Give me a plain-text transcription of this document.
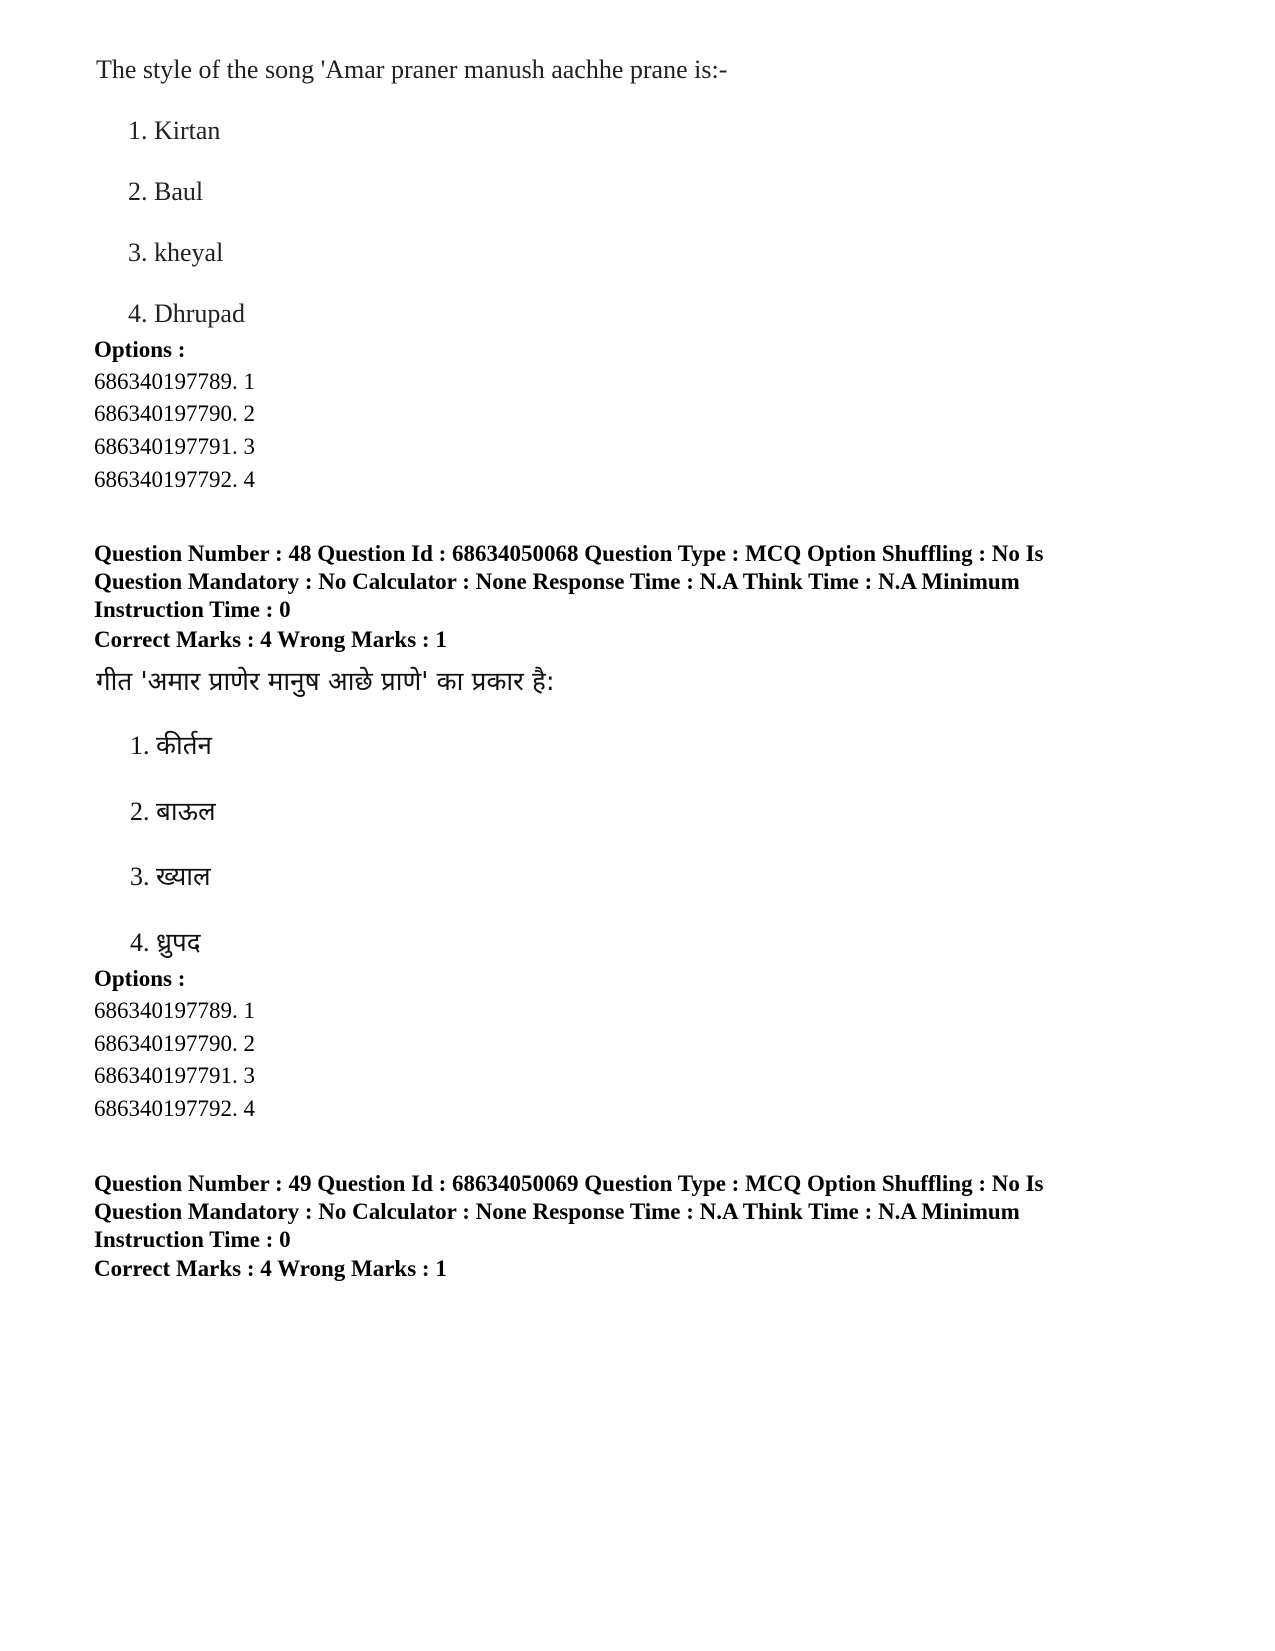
The style of the song 'Amar praner manush aachhe prane is:-
1. Kirtan
2. Baul
3. kheyal
4. Dhrupad
Options :
686340197789. 1
686340197790. 2
686340197791. 3
686340197792. 4
Question Number : 48 Question Id : 68634050068 Question Type : MCQ Option Shuffling : No Is
Question Mandatory : No Calculator : None Response Time : N.A Think Time : N.A Minimum
Instruction Time : 0
Correct Marks : 4 Wrong Marks : 1
गीत 'अमार प्राणेर मानुष आछे प्राणे' का प्रकार है:
1. कीर्तन
2. बाऊल
3. ख्याल
4. ध्रुपद
Options :
686340197789. 1
686340197790. 2
686340197791. 3
686340197792. 4
Question Number : 49 Question Id : 68634050069 Question Type : MCQ Option Shuffling : No Is
Question Mandatory : No Calculator : None Response Time : N.A Think Time : N.A Minimum
Instruction Time : 0
Correct Marks : 4 Wrong Marks : 1
